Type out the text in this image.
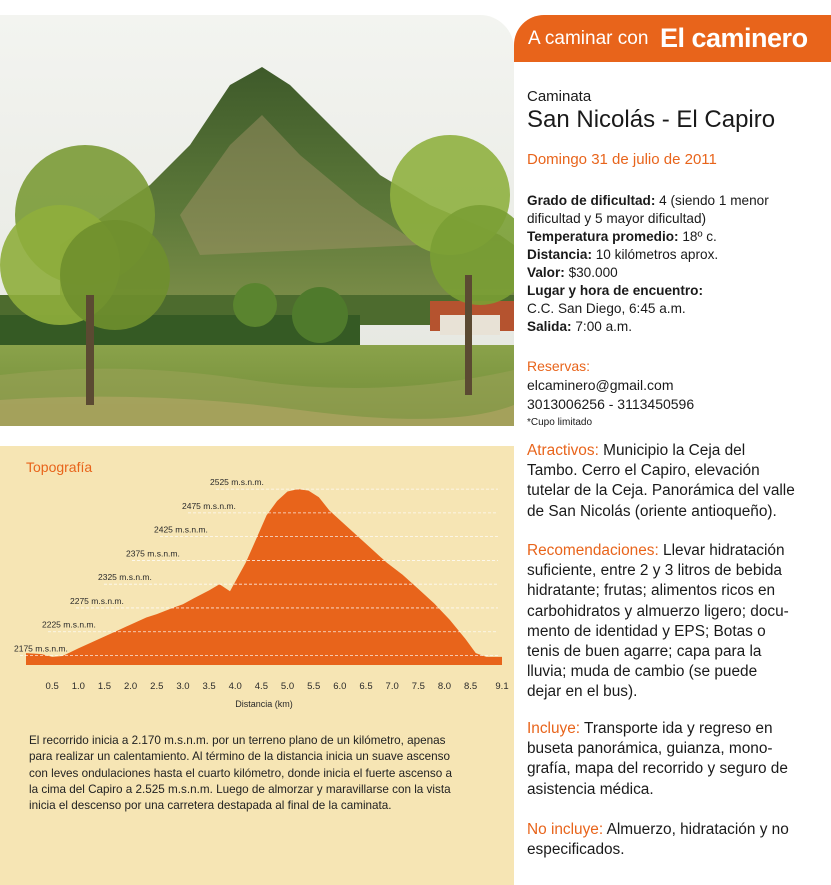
A caminar con El caminero
Topografía
2175 m.s.n.m.
2225 m.s.n.m.
2275 m.s.n.m.
2325 m.s.n.m.
2375 m.s.n.m.
2425 m.s.n.m.
2475 m.s.n.m.
2525 m.s.n.m.
0.5 1.0 1.5 2.0 2.5 3.0 3.5 4.0 4.5 5.0 5.5 6.0 6.5 7.0 7.5 8.0 8.5 9.1
Distancia (km)
El recorrido inicia a 2.170 m.s.n.m. por un terreno plano de un kilómetro, apenas
para realizar un calentamiento. Al término de la distancia inicia un suave ascenso
con leves ondulaciones hasta el cuarto kilómetro, donde inicia el fuerte ascenso a
la cima del Capiro a 2.525 m.s.n.m. Luego de almorzar y maravillarse con la vista
inicia el descenso por una carretera destapada al final de la caminata.
Caminata
San Nicolás - El Capiro
Domingo 31 de julio de 2011
Grado de dificultad: 4 (siendo 1 menor
dificultad y 5 mayor dificultad)
Temperatura promedio: 18º c.
Distancia: 10 kilómetros aprox.
Valor: $30.000
Lugar y hora de encuentro:
C.C. San Diego, 6:45 a.m.
Salida: 7:00 a.m.
Reservas:
elcaminero@gmail.com
3013006256 - 3113450596
*Cupo limitado
Atractivos: Municipio la Ceja del
Tambo. Cerro el Capiro, elevación
tutelar de la Ceja. Panorámica del valle
de San Nicolás (oriente antioqueño).
Recomendaciones: Llevar hidratación
suficiente, entre 2 y 3 litros de bebida
hidratante; frutas; alimentos ricos en
carbohidratos y almuerzo ligero; docu-
mento de identidad y EPS; Botas o
tenis de buen agarre; capa para la
lluvia; muda de cambio (se puede
dejar en el bus).
Incluye: Transporte ida y regreso en
buseta panorámica, guianza, mono-
grafía, mapa del recorrido y seguro de
asistencia médica.
No incluye: Almuerzo, hidratación y no
especificados.
